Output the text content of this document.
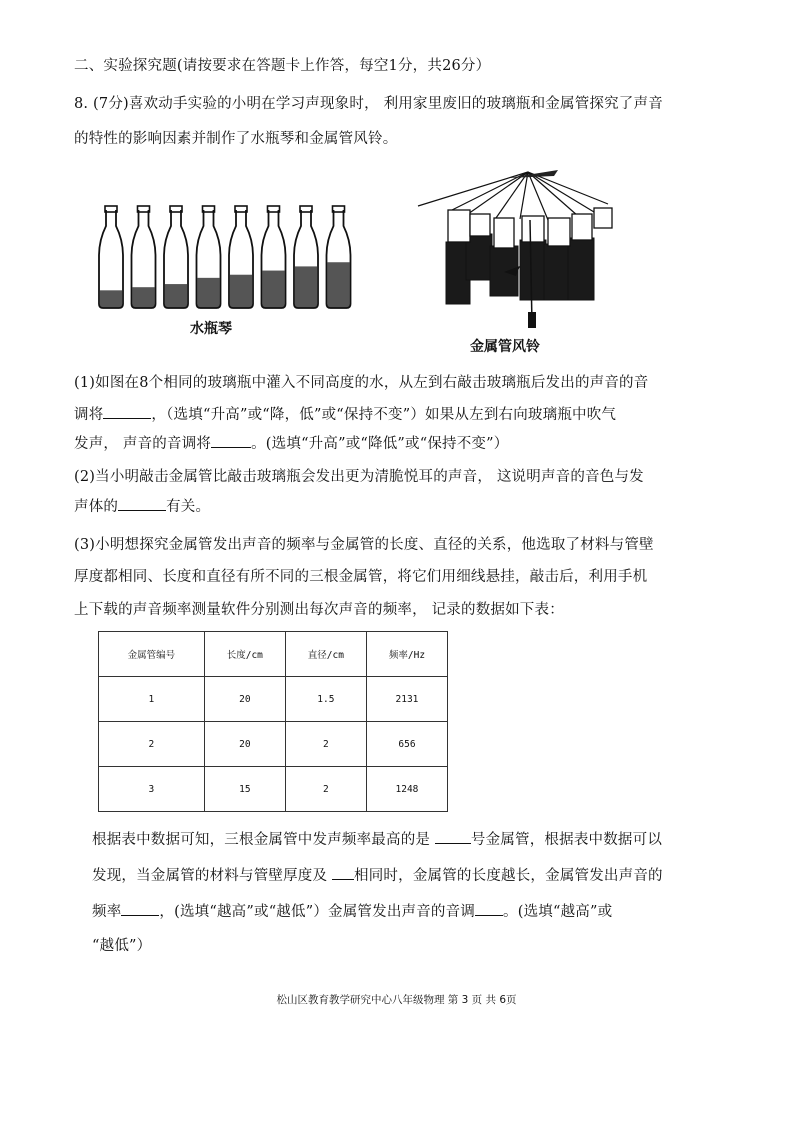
二、实验探究题(请按要求在答题卡上作答，每空1分，共26分）
8. (7分)喜欢动手实验的小明在学习声现象时， 利用家里废旧的玻璃瓶和金属管探究了声音
的特性的影响因素并制作了水瓶琴和金属管风铃。
水瓶琴
金属管风铃
(1)如图在8个相同的玻璃瓶中灌入不同高度的水，从左到右敲击玻璃瓶后发出的声音的音
调将	，（选填“升高”或“降，低”或“保持不变”）如果从左到右向玻璃瓶中吹气
发声， 声音的音调将	。(选填“升高”或“降低”或“保持不变”）
(2)当小明敲击金属管比敲击玻璃瓶会发出更为清脆悦耳的声音， 这说明声音的音色与发
声体的	有关。
(3)小明想探究金属管发出声音的频率与金属管的长度、直径的关系，他选取了材料与管壁
厚度都相同、长度和直径有所不同的三根金属管，将它们用细线悬挂，敲击后，利用手机
上下载的声音频率测量软件分别测出每次声音的频率， 记录的数据如下表：
金属管编号	长度/cm	直径/cm	频率/Hz
1	20	1.5	2131
2	20	2	656
3	15	2	1248
根据表中数据可知，三根金属管中发声频率最高的是 号金属管，根据表中数据可以
发现，当金属管的材料与管壁厚度及 相同时，金属管的长度越长，金属管发出声音的
频率	，(选填“越高”或“越低”）金属管发出声音的音调 。(选填“越高”或
“越低”）
松山区教育教学研究中心八年级物理 第 3 页 共 6页
